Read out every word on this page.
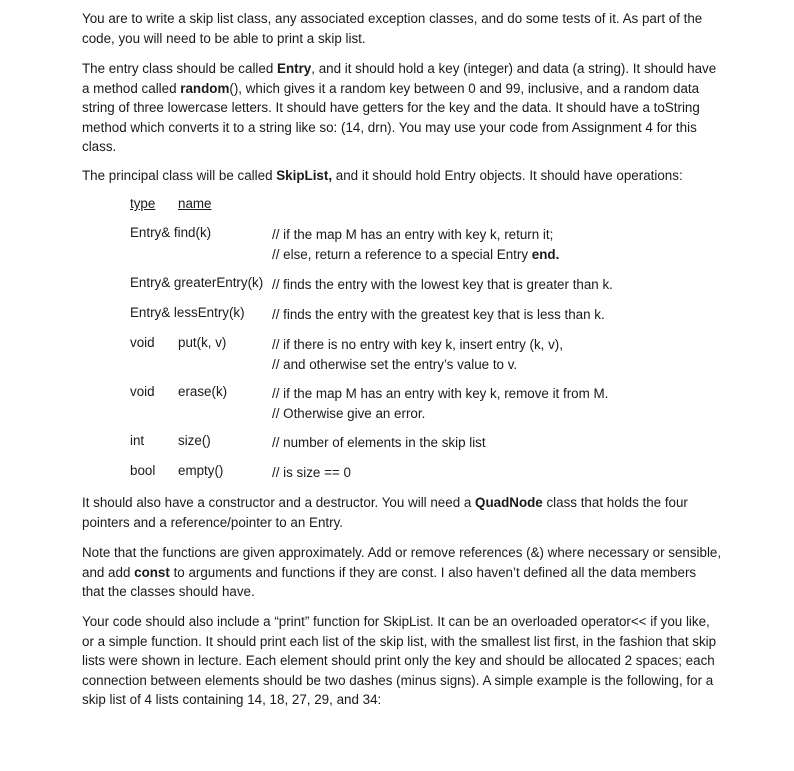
You are to write a skip list class, any associated exception classes, and do some tests of it. As part of the code, you will need to be able to print a skip list.

The entry class should be called Entry, and it should hold a key (integer) and data (a string). It should have a method called random(), which gives it a random key between 0 and 99, inclusive, and a random data string of three lowercase letters. It should have getters for the key and the data. It should have a toString method which converts it to a string like so: (14, drn). You may use your code from Assignment 4 for this class.

The principal class will be called SkipList, and it should hold Entry objects. It should have operations:

type name
Entry& find(k)	// if the map M has an entry with key k, return it;
// else, return a reference to a special Entry end.
Entry& greaterEntry(k) // finds the entry with the lowest key that is greater than k.
Entry& lessEntry(k) // finds the entry with the greatest key that is less than k.
void put(k, v)	// if there is no entry with key k, insert entry (k, v),
// and otherwise set the entry’s value to v.
void erase(k)	// if the map M has an entry with key k, remove it from M.
// Otherwise give an error.
int	size()	// number of elements in the skip list
bool empty()	// is size == 0

It should also have a constructor and a destructor. You will need a QuadNode class that holds the four pointers and a reference/pointer to an Entry.

Note that the functions are given approximately. Add or remove references (&) where necessary or sensible, and add const to arguments and functions if they are const. I also haven’t defined all the data members that the classes should have.

Your code should also include a “print” function for SkipList. It can be an overloaded operator<< if you like, or a simple function. It should print each list of the skip list, with the smallest list first, in the fashion that skip lists were shown in lecture. Each element should print only the key and should be allocated 2 spaces; each connection between elements should be two dashes (minus signs). A simple example is the following, for a skip list of 4 lists containing 14, 18, 27, 29, and 34:
